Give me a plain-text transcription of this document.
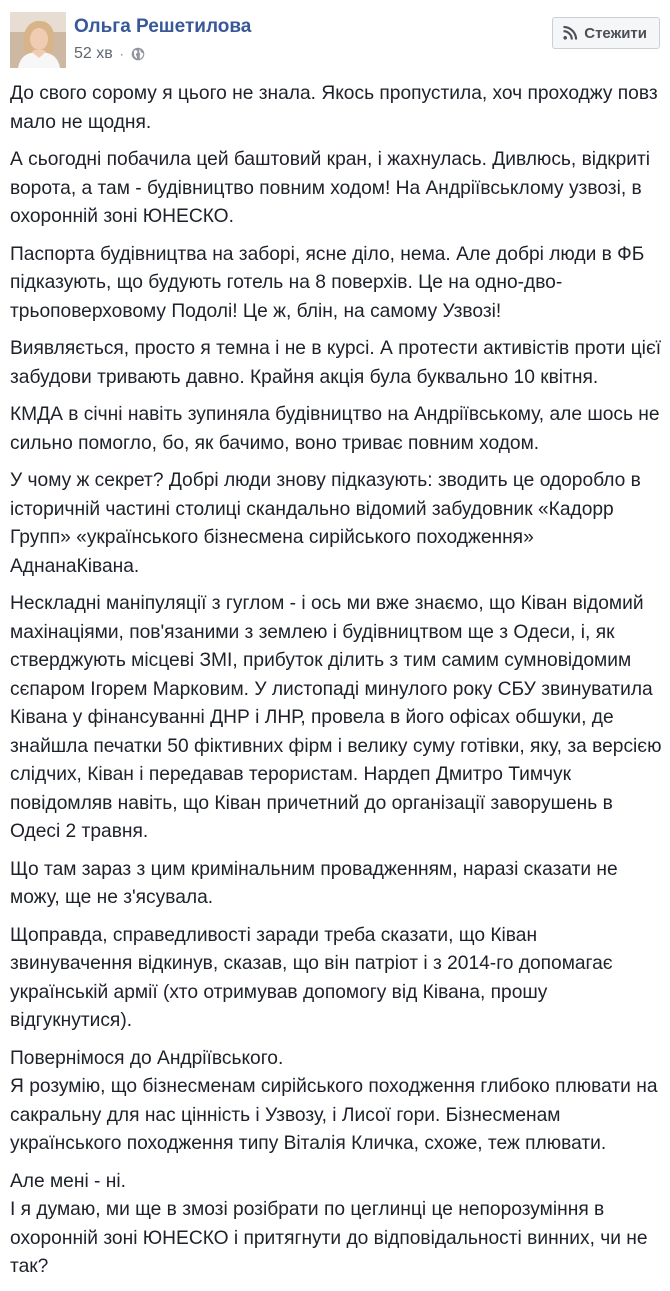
Ольга Решетилова
52 хв ·
Стежити

До свого сорому я цього не знала. Якось пропустила, хоч проходжу повз мало не щодня.

А сьогодні побачила цей баштовий кран, і жахнулась. Дивлюсь, відкриті ворота, а там - будівництво повним ходом! На Андріївськлому узвозі, в охоронній зоні ЮНЕСКО.

Паспорта будівництва на заборі, ясне діло, нема. Але добрі люди в ФБ підказують, що будують готель на 8 поверхів. Це на одно-дво-трьоповерховому Подолі! Це ж, блін, на самому Узвозі!

Виявляється, просто я темна і не в курсі. А протести активістів проти цієї забудови тривають давно. Крайня акція була буквально 10 квітня.

КМДА в січні навіть зупиняла будівництво на Андріївському, але шось не сильно помогло, бо, як бачимо, воно триває повним ходом.

У чому ж секрет? Добрі люди знову підказують: зводить це одоробло в історичній частині столиці скандально відомий забудовник «Кадорр Групп» «українського бізнесмена сирійського походження» АднанаКівана.

Нескладні маніпуляції з гуглом - і ось ми вже знаємо, що Ківан відомий махінаціями, пов'язаними з землею і будівництвом ще з Одеси, і, як стверджують місцеві ЗМІ, прибуток ділить з тим самим сумновідомим сєпаром Ігорем Марковим. У листопаді минулого року СБУ звинуватила Ківана у фінансуванні ДНР і ЛНР, провела в його офісах обшуки, де знайшла печатки 50 фіктивних фірм і велику суму готівки, яку, за версією слідчих, Ківан і передавав терористам. Нардеп Дмитро Тимчук повідомляв навіть, що Ківан причетний до організації заворушень в Одесі 2 травня.

Що там зараз з цим кримінальним провадженням, наразі сказати не можу, ще не з'ясувала.

Щоправда, справедливості заради треба сказати, що Ківан звинувачення відкинув, сказав, що він патріот і з 2014-го допомагає українській армії (хто отримував допомогу від Ківана, прошу відгукнутися).

Повернімося до Андріївського.
Я розумію, що бізнесменам сирійського походження глибоко плювати на сакральну для нас цінність і Узвозу, і Лисої гори. Бізнесменам українського походження типу Віталія Кличка, схоже, теж плювати.

Але мені - ні.
І я думаю, ми ще в змозі розібрати по цеглинці це непорозуміння в охоронній зоні ЮНЕСКО і притягнути до відповідальності винних, чи не так?
